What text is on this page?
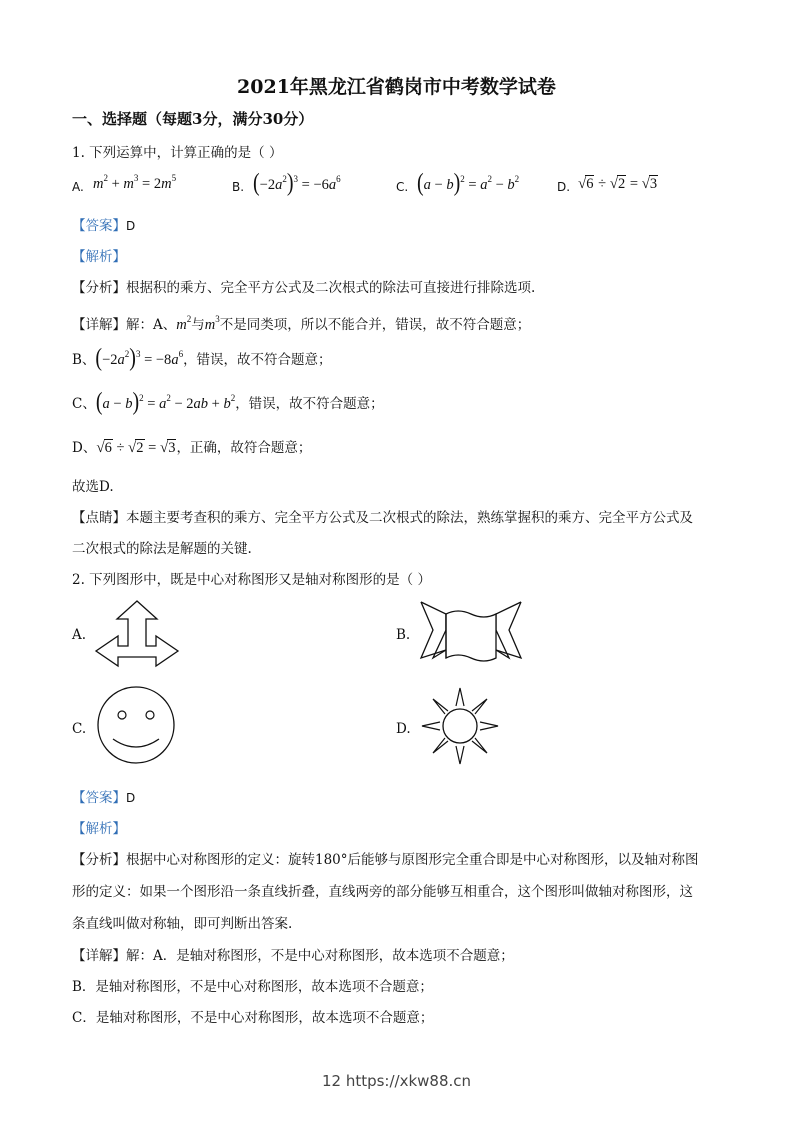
2021年黑龙江省鹤岗市中考数学试卷
一、选择题（每题3分，满分30分）
1. 下列运算中，计算正确的是（ ）
A. $m^2 + m^3 = 2m^5$
B. $(-2a^2)^3 = -6a^6$
C. $(a - b)^2 = a^2 - b^2$
D. √6 ÷ √2 = √3
【答案】D
【解析】
【分析】根据积的乘方、完全平方公式及二次根式的除法可直接进行排除选项.
【详解】解：A、$m^2$与$m^3$不是同类项，所以不能合并，错误，故不符合题意；
B、$(-2a^2)^3 = -8a^6$，错误，故不符合题意；
C、$(a - b)^2 = a^2 - 2ab + b^2$，错误，故不符合题意；
D、√6 ÷ √2 = √3，正确，故符合题意；
故选D.
【点睛】本题主要考查积的乘方、完全平方公式及二次根式的除法，熟练掌握积的乘方、完全平方公式及
二次根式的除法是解题的关键.
2. 下列图形中，既是中心对称图形又是轴对称图形的是（ ）
A.	B.
C.	D.
【答案】D
【解析】
【分析】根据中心对称图形的定义：旋转180°后能够与原图形完全重合即是中心对称图形，以及轴对称图
形的定义：如果一个图形沿一条直线折叠，直线两旁的部分能够互相重合，这个图形叫做轴对称图形，这
条直线叫做对称轴，即可判断出答案.
【详解】解：A．是轴对称图形，不是中心对称图形，故本选项不合题意；
B．是轴对称图形，不是中心对称图形，故本选项不合题意；
C．是轴对称图形，不是中心对称图形，故本选项不合题意；
12 https://xkw88.cn
